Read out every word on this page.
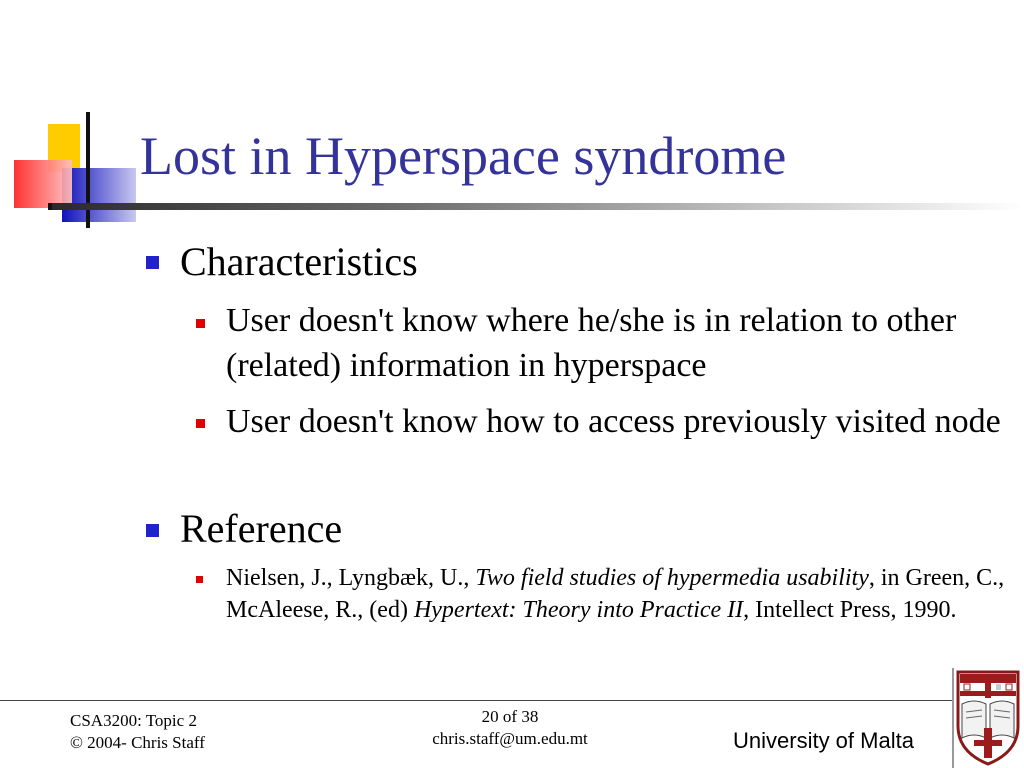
Lost in Hyperspace syndrome
Characteristics
User doesn't know where he/she is in relation to other (related) information in hyperspace
User doesn't know how to access previously visited node
Reference
Nielsen, J., Lyngbæk, U., Two field studies of hypermedia usability, in Green, C., McAleese, R., (ed) Hypertext: Theory into Practice II, Intellect Press, 1990.
CSA3200: Topic 2
© 2004- Chris Staff
20 of 38
chris.staff@um.edu.mt	University of Malta
